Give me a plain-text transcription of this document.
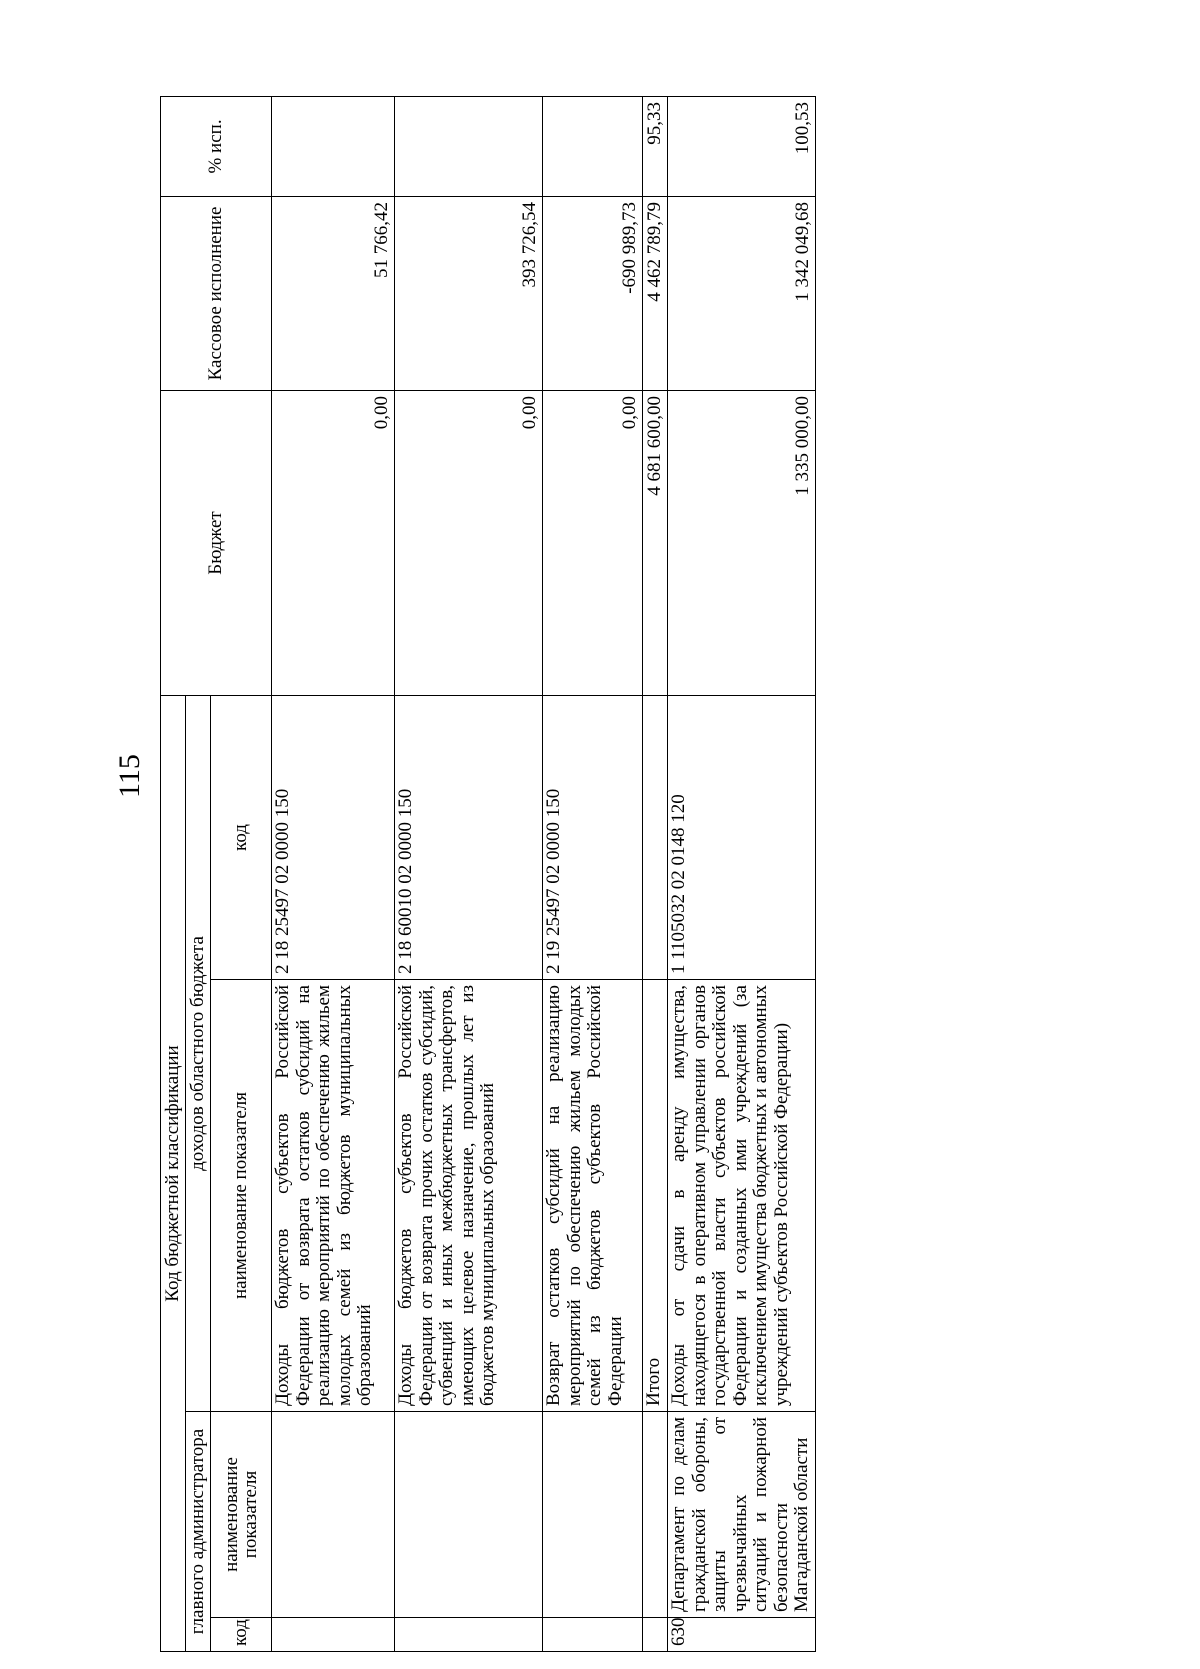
115
Код бюджетной классификации				Бюджет	Кассовое исполнение	% исп.
главного администратора		доходов областного бюджета				
код	наименование показателя	наименование показателя	код			
		Доходы бюджетов субъектов Российской Федерации от возврата остатков субсидий на реализацию мероприятий по обеспечению жильем молодых семей из бюджетов муниципальных образований	2 18 25497 02 0000 150	0,00	51 766,42	
		Доходы бюджетов субъектов Российской Федерации от возврата прочих остатков субсидий, субвенций и иных межбюджетных трансфертов, имеющих целевое назначение, прошлых лет из бюджетов муниципальных образований	2 18 60010 02 0000 150	0,00	393 726,54	
		Возврат остатков субсидий на реализацию мероприятий по обеспечению жильем молодых семей из бюджетов субъектов Российской Федерации	2 19 25497 02 0000 150	0,00	-690 989,73	
		Итого		4 681 600,00	4 462 789,79	95,33
630	Департамент по делам гражданской обороны, защиты от чрезвычайных ситуаций и пожарной безопасности Магаданской области	Доходы от сдачи в аренду имущества, находящегося в оперативном управлении органов государственной власти субъектов российской Федерации и созданных ими учреждений (за исключением имущества бюджетных и автономных учреждений субъектов Российской Федерации)	1 1105032 02 0148 120	1 335 000,00	1 342 049,68	100,53
